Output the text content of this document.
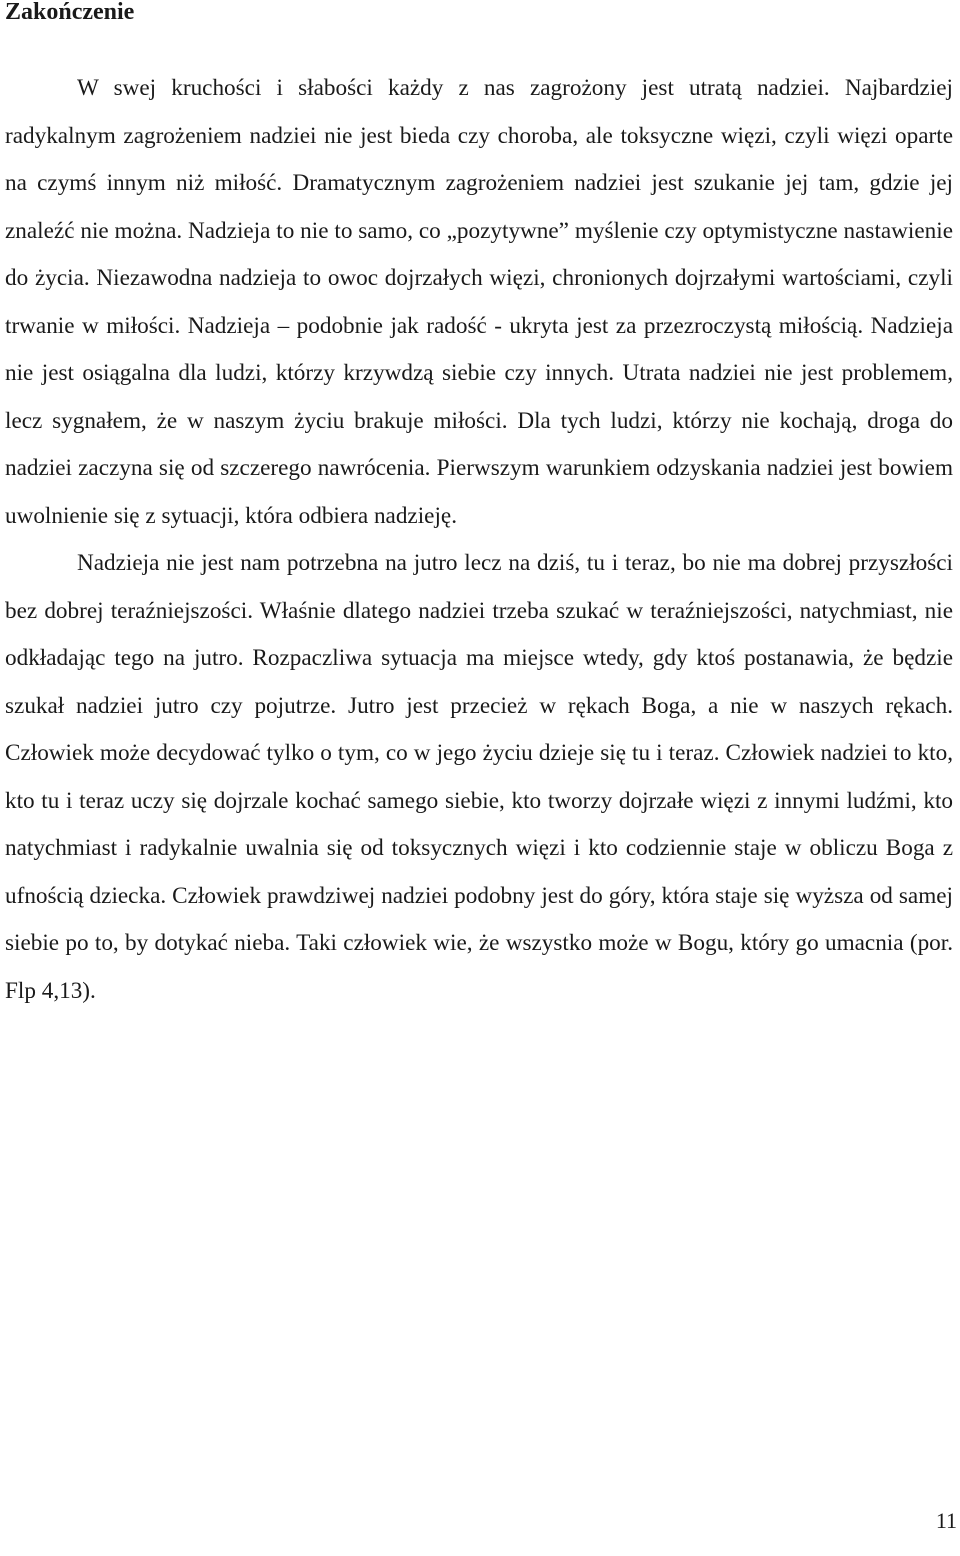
Zakończenie

W swej kruchości i słabości każdy z nas zagrożony jest utratą nadziei. Najbardziej radykalnym zagrożeniem nadziei nie jest bieda czy choroba, ale toksyczne więzi, czyli więzi oparte na czymś innym niż miłość. Dramatycznym zagrożeniem nadziei jest szukanie jej tam, gdzie jej znaleźć nie można. Nadzieja to nie to samo, co „pozytywne” myślenie czy optymistyczne nastawienie do życia. Niezawodna nadzieja to owoc dojrzałych więzi, chronionych dojrzałymi wartościami, czyli trwanie w miłości. Nadzieja – podobnie jak radość - ukryta jest za przezroczystą miłością. Nadzieja nie jest osiągalna dla ludzi, którzy krzywdzą siebie czy innych. Utrata nadziei nie jest problemem, lecz sygnałem, że w naszym życiu brakuje miłości. Dla tych ludzi, którzy nie kochają, droga do nadziei zaczyna się od szczerego nawrócenia. Pierwszym warunkiem odzyskania nadziei jest bowiem uwolnienie się z sytuacji, która odbiera nadzieję.

Nadzieja nie jest nam potrzebna na jutro lecz na dziś, tu i teraz, bo nie ma dobrej przyszłości bez dobrej teraźniejszości. Właśnie dlatego nadziei trzeba szukać w teraźniejszości, natychmiast, nie odkładając tego na jutro. Rozpaczliwa sytuacja ma miejsce wtedy, gdy ktoś postanawia, że będzie szukał nadziei jutro czy pojutrze. Jutro jest przecież w rękach Boga, a nie w naszych rękach. Człowiek może decydować tylko o tym, co w jego życiu dzieje się tu i teraz. Człowiek nadziei to kto, kto tu i teraz uczy się dojrzale kochać samego siebie, kto tworzy dojrzałe więzi z innymi ludźmi, kto natychmiast i radykalnie uwalnia się od toksycznych więzi i kto codziennie staje w obliczu Boga z ufnością dziecka. Człowiek prawdziwej nadziei podobny jest do góry, która staje się wyższa od samej siebie po to, by dotykać nieba. Taki człowiek wie, że wszystko może w Bogu, który go umacnia (por. Flp 4,13).

11
